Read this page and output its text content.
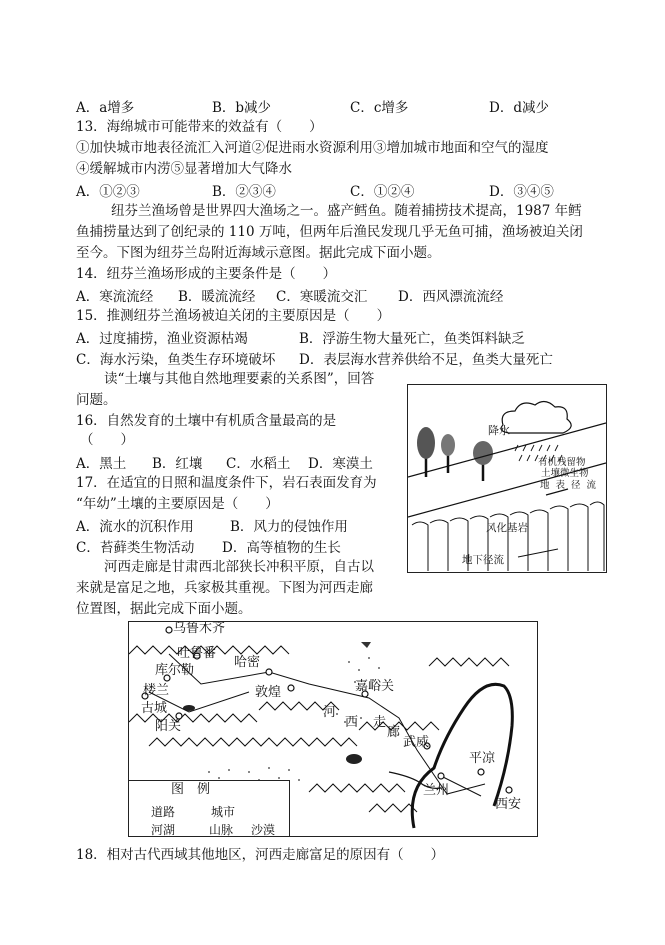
A．a增多	B．b减少	C．c增多	D．d减少
13．海绵城市可能带来的效益有（　　）
①加快城市地表径流汇入河道②促进雨水资源利用③增加城市地面和空气的湿度
④缓解城市内涝⑤显著增加大气降水
A．①②③	B．②③④	C．①②④	D．③④⑤
纽芬兰渔场曾是世界四大渔场之一。盛产鳕鱼。随着捕捞技术提高，1987 年鳕
鱼捕捞量达到了创纪录的 110 万吨，但两年后渔民发现几乎无鱼可捕，渔场被迫关闭
至今。下图为纽芬兰岛附近海域示意图。据此完成下面小题。
14．纽芬兰渔场形成的主要条件是（　　）
A．寒流流经 B．暖流流经 C．寒暖流交汇 D．西风漂流流经
15．推测纽芬兰渔场被迫关闭的主要原因是（　　）
A．过度捕捞，渔业资源枯竭	B．浮游生物大量死亡，鱼类饵料缺乏
C．海水污染，鱼类生存环境破坏 D．表层海水营养供给不足，鱼类大量死亡
读“土壤与其他自然地理要素的关系图”，回答
问题。
16．自然发育的土壤中有机质含量最高的是
（　　）
A．黑土 B．红壤 C．水稻土 D．寒漠土
17．在适宜的日照和温度条件下，岩石表面发育为
“年幼”土壤的主要原因是（　　）
A．流水的沉积作用	B．风力的侵蚀作用
C．苔藓类生物活动 D．高等植物的生长
降水
有机残留物
土壤微生物
地表径流
风化基岩
地下径流
河西走廊是甘肃西北部狭长冲积平原，自古以
来就是富足之地，兵家极其重视。下图为河西走廊
位置图，据此完成下面小题。
乌鲁木齐
吐鲁番
哈密
库尔勒
楼兰
古城
阳关
敦煌	嘉峪关
武威
兰州
平凉
西安
河
西 走
廊
图　例
道路	城市
河湖	山脉 沙漠
18．相对古代西域其他地区，河西走廊富足的原因有（　　）
